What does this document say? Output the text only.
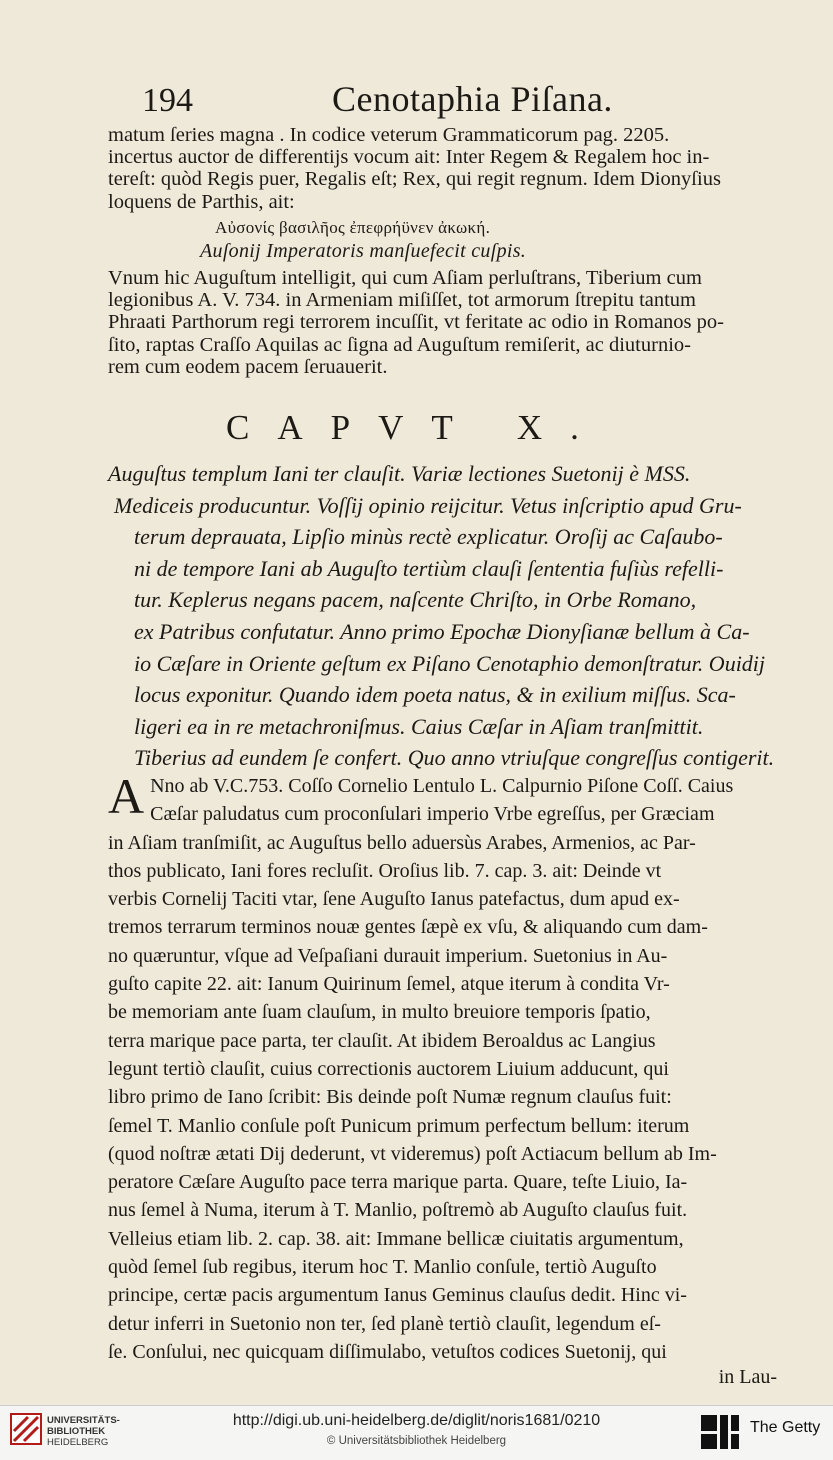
194	Cenotaphia Piſana.

matum ſeries magna . In codice veterum Grammaticorum pag. 2205.

incertus auctor de differentijs vocum ait: Inter Regem & Regalem hoc in-

tereſt: quòd Regis puer, Regalis eſt; Rex, qui regit regnum. Idem Dionyſius

loquens de Parthis, ait:

Αὐσονίς βασιλῆος ἐπεφρήϋνεν ἀκωκή.
Auſonij Imperatoris manſuefecit cuſpis.

Vnum hic Auguſtum intelligit, qui cum Aſiam perluſtrans, Tiberium cum

legionibus A. V. 734. in Armeniam miſiſſet, tot armorum ſtrepitu tantum

Phraati Parthorum regi terrorem incuſſit, vt feritate ac odio in Romanos po-

ſito, raptas Craſſo Aquilas ac ſigna ad Auguſtum remiſerit, ac diuturnio-

rem cum eodem pacem ſeruauerit.

CAPVT X.

Auguſtus templum Iani ter clauſit. Variæ lectiones Suetonij è MSS.

Mediceis producuntur. Voſſij opinio reijcitur. Vetus inſcriptio apud Gru-

terum deprauata, Lipſio minùs rectè explicatur. Oroſij ac Caſaubo-

ni de tempore Iani ab Auguſto tertiùm clauſi ſententia fuſiùs refelli-

tur. Keplerus negans pacem, naſcente Chriſto, in Orbe Romano,

ex Patribus confutatur. Anno primo Epochæ Dionyſianæ bellum à Ca-

io Cæſare in Oriente geſtum ex Piſano Cenotaphio demonſtratur. Ouidij

locus exponitur. Quando idem poeta natus, & in exilium miſſus. Sca-

ligeri ea in re metachroniſmus. Caius Cæſar in Aſiam tranſmittit.

Tiberius ad eundem ſe confert. Quo anno vtriuſque congreſſus contigerit.

A Nno ab V.C.753. Coſſo Cornelio Lentulo L. Calpurnio Piſone Coſſ. Caius

Cæſar paludatus cum proconſulari imperio Vrbe egreſſus, per Græciam

in Aſiam tranſmiſit, ac Auguſtus bello aduersùs Arabes, Armenios, ac Par-

thos publicato, Iani fores recluſit. Oroſius lib. 7. cap. 3. ait: Deinde vt

verbis Cornelij Taciti vtar, ſene Auguſto Ianus patefactus, dum apud ex-

tremos terrarum terminos nouæ gentes ſæpè ex vſu, & aliquando cum dam-

no quæruntur, vſque ad Veſpaſiani durauit imperium. Suetonius in Au-

guſto capite 22. ait: Ianum Quirinum ſemel, atque iterum à condita Vr-

be memoriam ante ſuam clauſum, in multo breuiore temporis ſpatio,

terra marique pace parta, ter clauſit. At ibidem Beroaldus ac Langius

legunt tertiò clauſit, cuius correctionis auctorem Liuium adducunt, qui

libro primo de Iano ſcribit: Bis deinde poſt Numæ regnum clauſus fuit:

ſemel T. Manlio conſule poſt Punicum primum perfectum bellum: iterum

(quod noſtræ ætati Dij dederunt, vt videremus) poſt Actiacum bellum ab Im-

peratore Cæſare Auguſto pace terra marique parta. Quare, teſte Liuio, Ia-

nus ſemel à Numa, iterum à T. Manlio, poſtremò ab Auguſto clauſus fuit.

Velleius etiam lib. 2. cap. 38. ait: Immane bellicæ ciuitatis argumentum,

quòd ſemel ſub regibus, iterum hoc T. Manlio conſule, tertiò Auguſto

principe, certæ pacis argumentum Ianus Geminus clauſus dedit. Hinc vi-

detur inferri in Suetonio non ter, ſed planè tertiò clauſit, legendum eſ-

ſe. Conſului, nec quicquam diſſimulabo, vetuſtos codices Suetonij, qui

in Lau-
UNIVERSITÄTS-
BIBLIOTHEK
HEIDELBERG
http://digi.ub.uni-heidelberg.de/diglit/noris1681/0210
© Universitätsbibliothek Heidelberg
The Getty
